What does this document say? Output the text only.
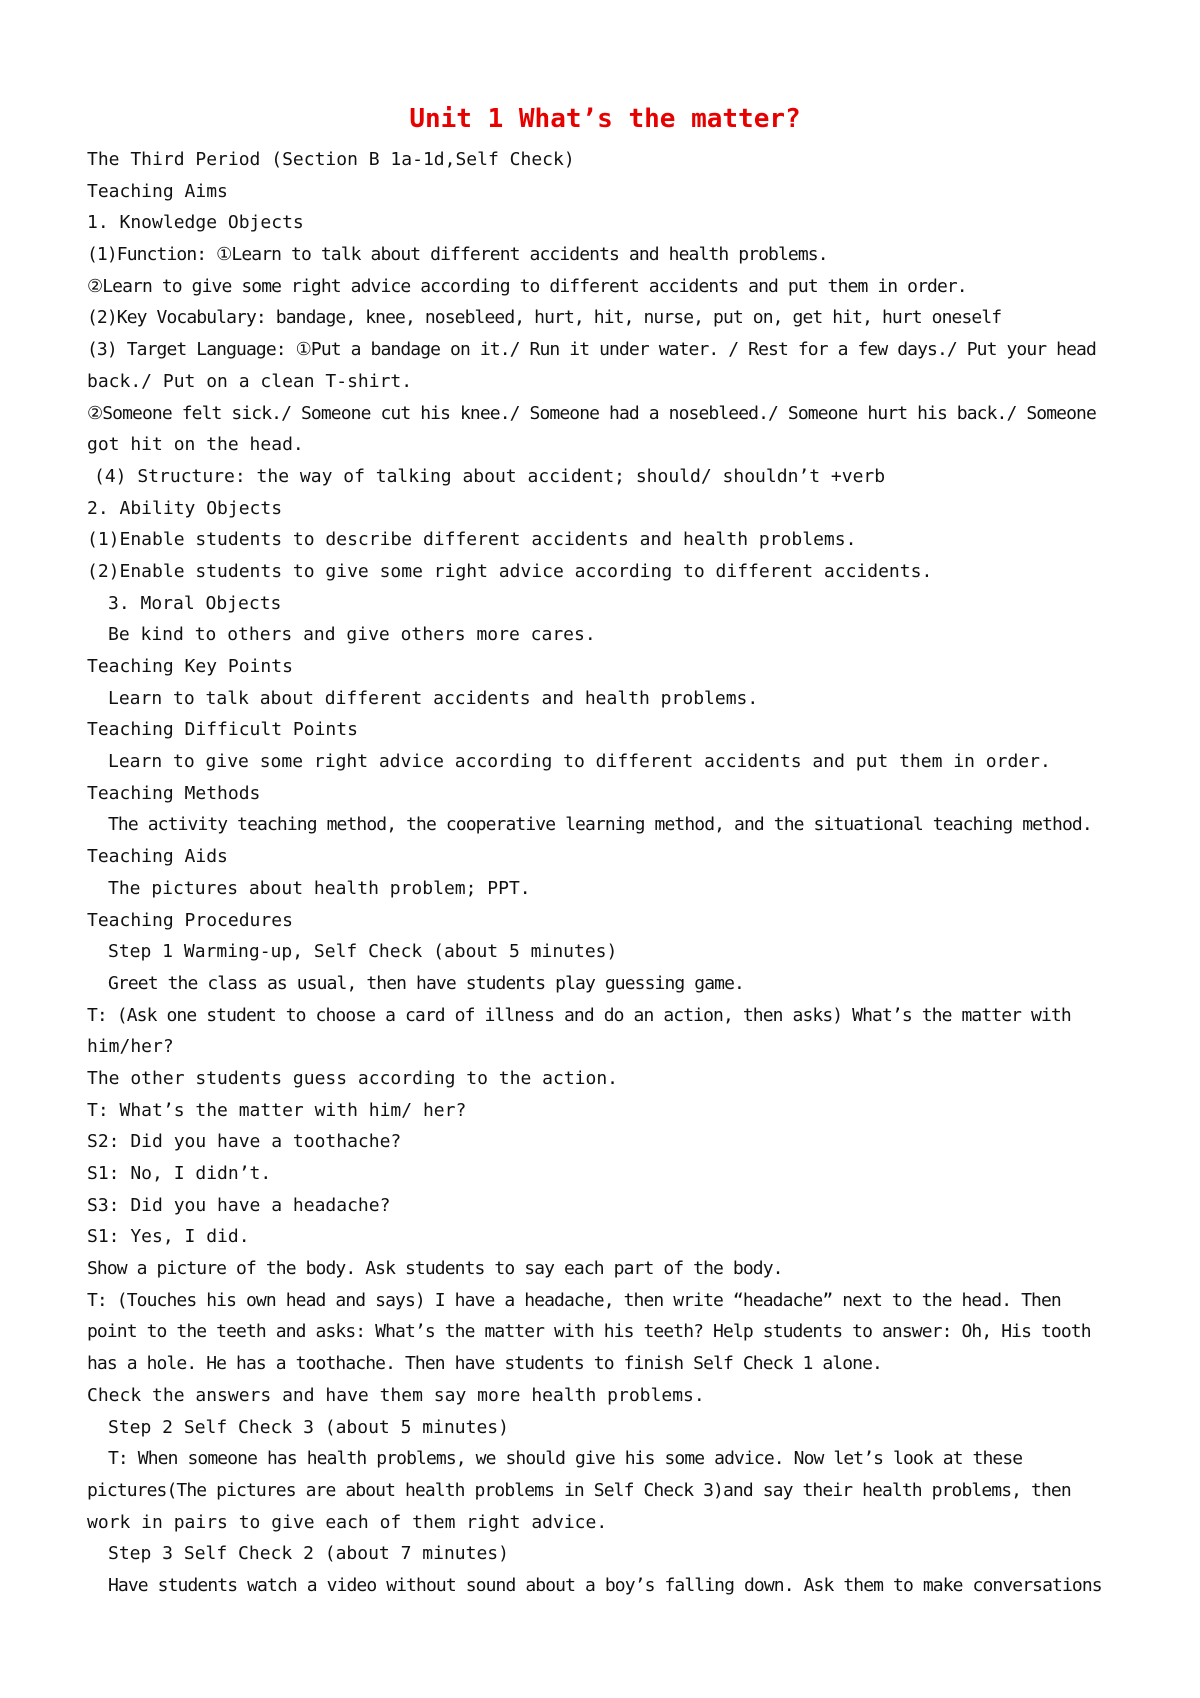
Unit 1 What’s the matter?
The Third Period (Section B 1a-1d,Self Check)
Teaching Aims
1. Knowledge Objects
(1)Function: ①Learn to talk about different accidents and health problems.
②Learn to give some right advice according to different accidents and put them in order.
(2)Key Vocabulary: bandage, knee, nosebleed, hurt, hit, nurse, put on, get hit, hurt oneself
(3) Target Language: ①Put a bandage on it./ Run it under water. / Rest for a few days./ Put your head
back./ Put on a clean T-shirt.
②Someone felt sick./ Someone cut his knee./ Someone had a nosebleed./ Someone hurt his back./ Someone
got hit on the head.
(4) Structure: the way of talking about accident; should/ shouldn’t +verb
2. Ability Objects
(1)Enable students to describe different accidents and health problems.
(2)Enable students to give some right advice according to different accidents.
3. Moral Objects
Be kind to others and give others more cares.
Teaching Key Points
Learn to talk about different accidents and health problems.
Teaching Difficult Points
Learn to give some right advice according to different accidents and put them in order.
Teaching Methods
The activity teaching method, the cooperative learning method, and the situational teaching method.
Teaching Aids
The pictures about health problem; PPT.
Teaching Procedures
Step 1 Warming-up, Self Check (about 5 minutes)
Greet the class as usual, then have students play guessing game.
T: (Ask one student to choose a card of illness and do an action, then asks) What’s the matter with
him/her?
The other students guess according to the action.
T: What’s the matter with him/ her?
S2: Did you have a toothache?
S1: No, I didn’t.
S3: Did you have a headache?
S1: Yes, I did.
Show a picture of the body. Ask students to say each part of the body.
T: (Touches his own head and says) I have a headache, then write “headache” next to the head. Then
point to the teeth and asks: What’s the matter with his teeth? Help students to answer: Oh, His tooth
has a hole. He has a toothache. Then have students to finish Self Check 1 alone.
Check the answers and have them say more health problems.
Step 2 Self Check 3 (about 5 minutes)
T: When someone has health problems, we should give his some advice. Now let’s look at these
pictures(The pictures are about health problems in Self Check 3)and say their health problems, then
work in pairs to give each of them right advice.
Step 3 Self Check 2 (about 7 minutes)
Have students watch a video without sound about a boy’s falling down. Ask them to make conversations
